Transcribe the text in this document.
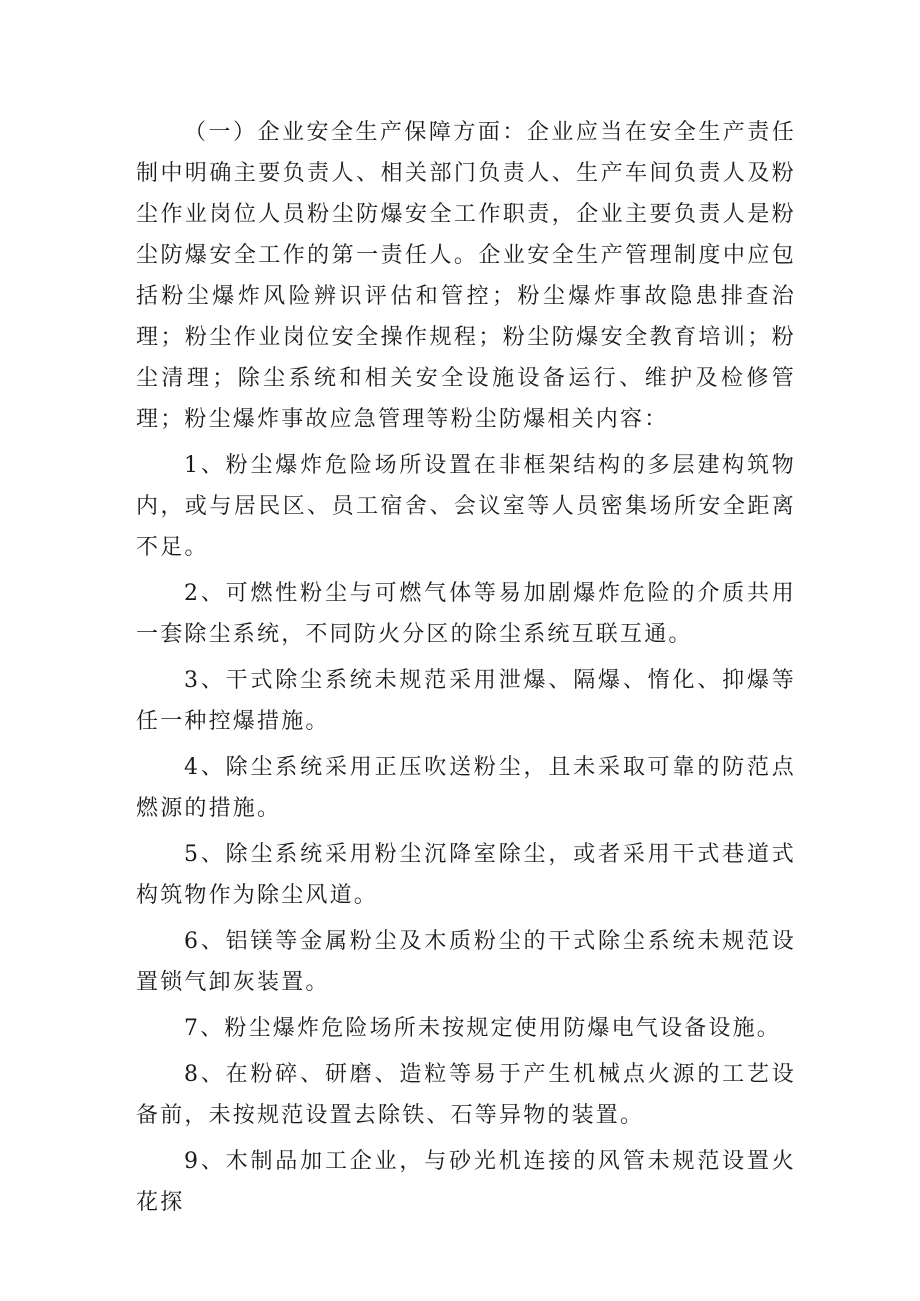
（一）企业安全生产保障方面：企业应当在安全生产责任制中明确主要负责人、相关部门负责人、生产车间负责人及粉尘作业岗位人员粉尘防爆安全工作职责，企业主要负责人是粉尘防爆安全工作的第一责任人。企业安全生产管理制度中应包括粉尘爆炸风险辨识评估和管控；粉尘爆炸事故隐患排查治理；粉尘作业岗位安全操作规程；粉尘防爆安全教育培训；粉尘清理；除尘系统和相关安全设施设备运行、维护及检修管理；粉尘爆炸事故应急管理等粉尘防爆相关内容：

1、粉尘爆炸危险场所设置在非框架结构的多层建构筑物内，或与居民区、员工宿舍、会议室等人员密集场所安全距离不足。

2、可燃性粉尘与可燃气体等易加剧爆炸危险的介质共用一套除尘系统，不同防火分区的除尘系统互联互通。

3、干式除尘系统未规范采用泄爆、隔爆、惰化、抑爆等任一种控爆措施。

4、除尘系统采用正压吹送粉尘，且未采取可靠的防范点燃源的措施。

5、除尘系统采用粉尘沉降室除尘，或者采用干式巷道式构筑物作为除尘风道。

6、铝镁等金属粉尘及木质粉尘的干式除尘系统未规范设置锁气卸灰装置。

7、粉尘爆炸危险场所未按规定使用防爆电气设备设施。

8、在粉碎、研磨、造粒等易于产生机械点火源的工艺设备前，未按规范设置去除铁、石等异物的装置。

9、木制品加工企业，与砂光机连接的风管未规范设置火花探
